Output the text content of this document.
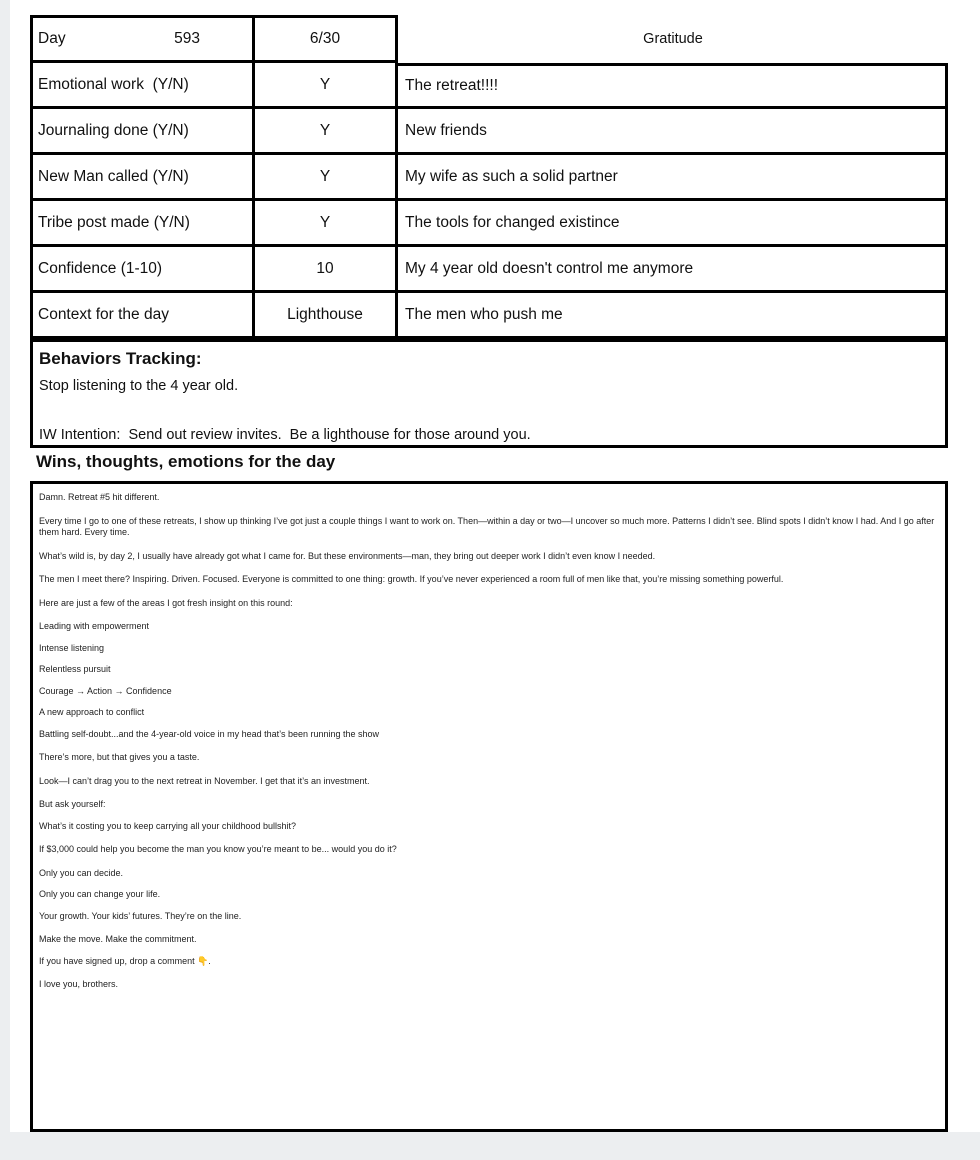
Day	593	6/30	Gratitude
Emotional work  (Y/N)	Y	The retreat!!!!
Journaling done (Y/N)	Y	New friends
New Man called (Y/N)	Y	My wife as such a solid partner
Tribe post made (Y/N)	Y	The tools for changed existince
Confidence (1-10)	10	My 4 year old doesn't control me anymore
Context for the day	Lighthouse	The men who push me
Behaviors Tracking:

Stop listening to the 4 year old.

IW Intention:  Send out review invites.  Be a lighthouse for those around you.

Wins, thoughts, emotions for the day

Damn. Retreat #5 hit different.

Every time I go to one of these retreats, I show up thinking I’ve got just a couple things I want to work on. Then—within a day or two—I uncover so much more. Patterns I didn’t see. Blind spots I didn’t know I had. And I go after them hard. Every time.

What’s wild is, by day 2, I usually have already got what I came for. But these environments—man, they bring out deeper work I didn’t even know I needed.

The men I meet there? Inspiring. Driven. Focused. Everyone is committed to one thing: growth. If you’ve never experienced a room full of men like that, you’re missing something powerful.

Here are just a few of the areas I got fresh insight on this round:

Leading with empowerment

Intense listening

Relentless pursuit

Courage → Action → Confidence

A new approach to conflict

Battling self-doubt...and the 4-year-old voice in my head that’s been running the show

There’s more, but that gives you a taste.

Look—I can’t drag you to the next retreat in November. I get that it’s an investment.

But ask yourself:

What’s it costing you to keep carrying all your childhood bullshit?

If $3,000 could help you become the man you know you’re meant to be... would you do it?

Only you can decide.

Only you can change your life.

Your growth. Your kids’ futures. They’re on the line.

Make the move. Make the commitment.

If you have signed up, drop a comment 👇.

I love you, brothers.
